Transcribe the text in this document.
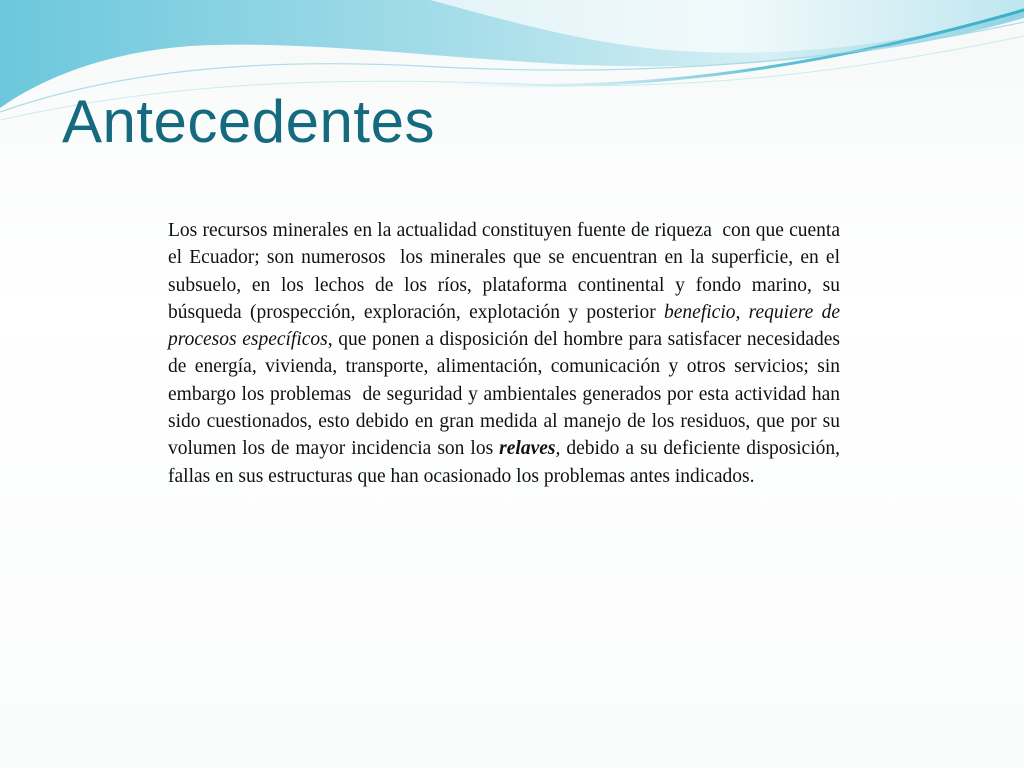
Antecedentes

Los recursos minerales en la actualidad constituyen fuente de riqueza  con que cuenta el Ecuador; son numerosos  los minerales que se encuentran en la superficie, en el subsuelo, en los lechos de los ríos, plataforma continental y fondo marino, su búsqueda (prospección, exploración, explotación y posterior beneficio, requiere de procesos específicos, que ponen a disposición del hombre para satisfacer necesidades de energía, vivienda, transporte, alimentación, comunicación y otros servicios; sin embargo los problemas  de seguridad y ambientales generados por esta actividad han sido cuestionados, esto debido en gran medida al manejo de los residuos, que por su volumen los de mayor incidencia son los relaves, debido a su deficiente disposición, fallas en sus estructuras que han ocasionado los problemas antes indicados.
